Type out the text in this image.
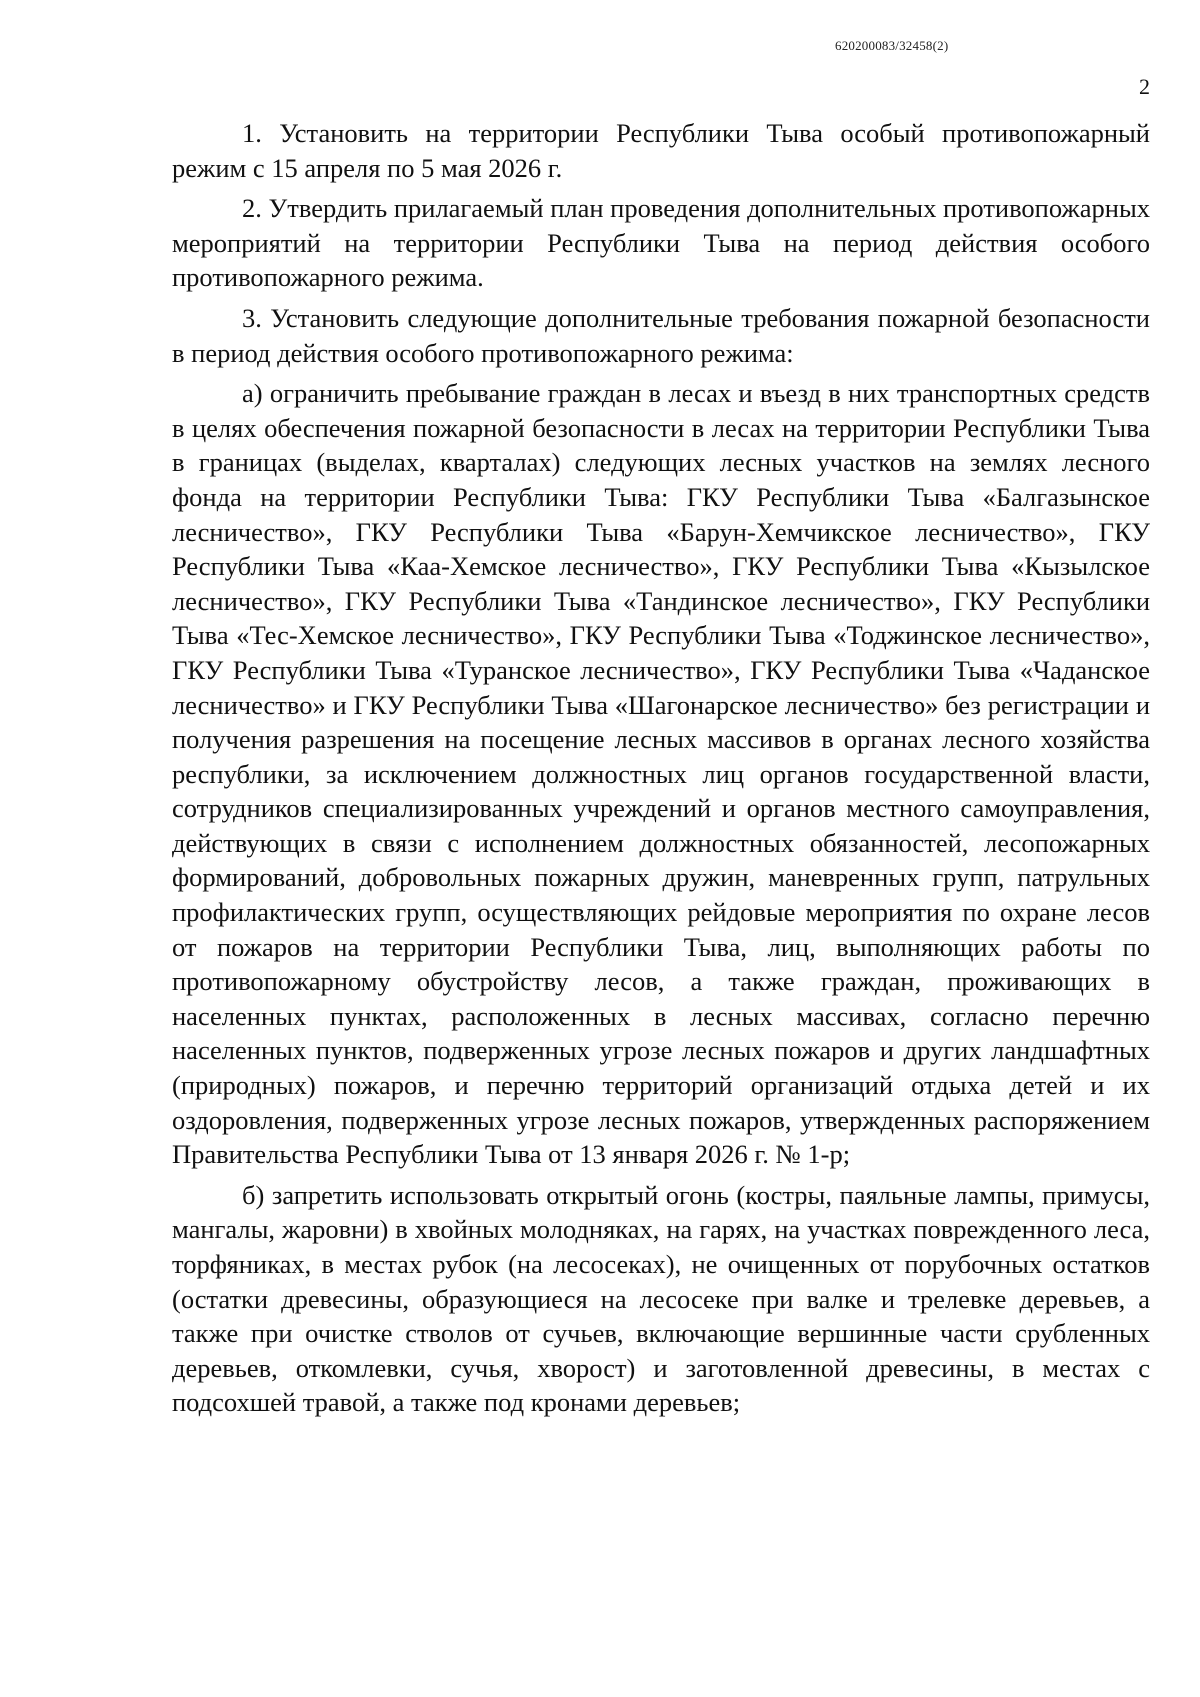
620200083/32458(2)
2

1. Установить на территории Республики Тыва особый противопожарный режим с 15 апреля по 5 мая 2026 г.

2. Утвердить прилагаемый план проведения дополнительных противопожарных мероприятий на территории Республики Тыва на период действия особого противопожарного режима.

3. Установить следующие дополнительные требования пожарной безопасности в период действия особого противопожарного режима:

а) ограничить пребывание граждан в лесах и въезд в них транспортных средств в целях обеспечения пожарной безопасности в лесах на территории Республики Тыва в границах (выделах, кварталах) следующих лесных участков на землях лесного фонда на территории Республики Тыва: ГКУ Республики Тыва «Балгазынское лесничество», ГКУ Республики Тыва «Барун-Хемчикское лесничество», ГКУ Республики Тыва «Каа-Хемское лесничество», ГКУ Республики Тыва «Кызылское лесничество», ГКУ Республики Тыва «Тандинское лесничество», ГКУ Республики Тыва «Тес-Хемское лесничество», ГКУ Республики Тыва «Тоджинское лесничество», ГКУ Республики Тыва «Туранское лесничество», ГКУ Республики Тыва «Чаданское лесничество» и ГКУ Республики Тыва «Шагонарское лесничество» без регистрации и получения разрешения на посещение лесных массивов в органах лесного хозяйства республики, за исключением должностных лиц органов государственной власти, сотрудников специализированных учреждений и органов местного самоуправления, действующих в связи с исполнением должностных обязанностей, лесопожарных формирований, добровольных пожарных дружин, маневренных групп, патрульных профилактических групп, осуществляющих рейдовые мероприятия по охране лесов от пожаров на территории Республики Тыва, лиц, выполняющих работы по противопожарному обустройству лесов, а также граждан, проживающих в населенных пунктах, расположенных в лесных массивах, согласно перечню населенных пунктов, подверженных угрозе лесных пожаров и других ландшафтных (природных) пожаров, и перечню территорий организаций отдыха детей и их оздоровления, подверженных угрозе лесных пожаров, утвержденных распоряжением Правительства Республики Тыва от 13 января 2026 г. № 1-р;

б) запретить использовать открытый огонь (костры, паяльные лампы, примусы, мангалы, жаровни) в хвойных молодняках, на гарях, на участках поврежденного леса, торфяниках, в местах рубок (на лесосеках), не очищенных от порубочных остатков (остатки древесины, образующиеся на лесосеке при валке и трелевке деревьев, а также при очистке стволов от сучьев, включающие вершинные части срубленных деревьев, откомлевки, сучья, хворост) и заготовленной древесины, в местах с подсохшей травой, а также под кронами деревьев;
